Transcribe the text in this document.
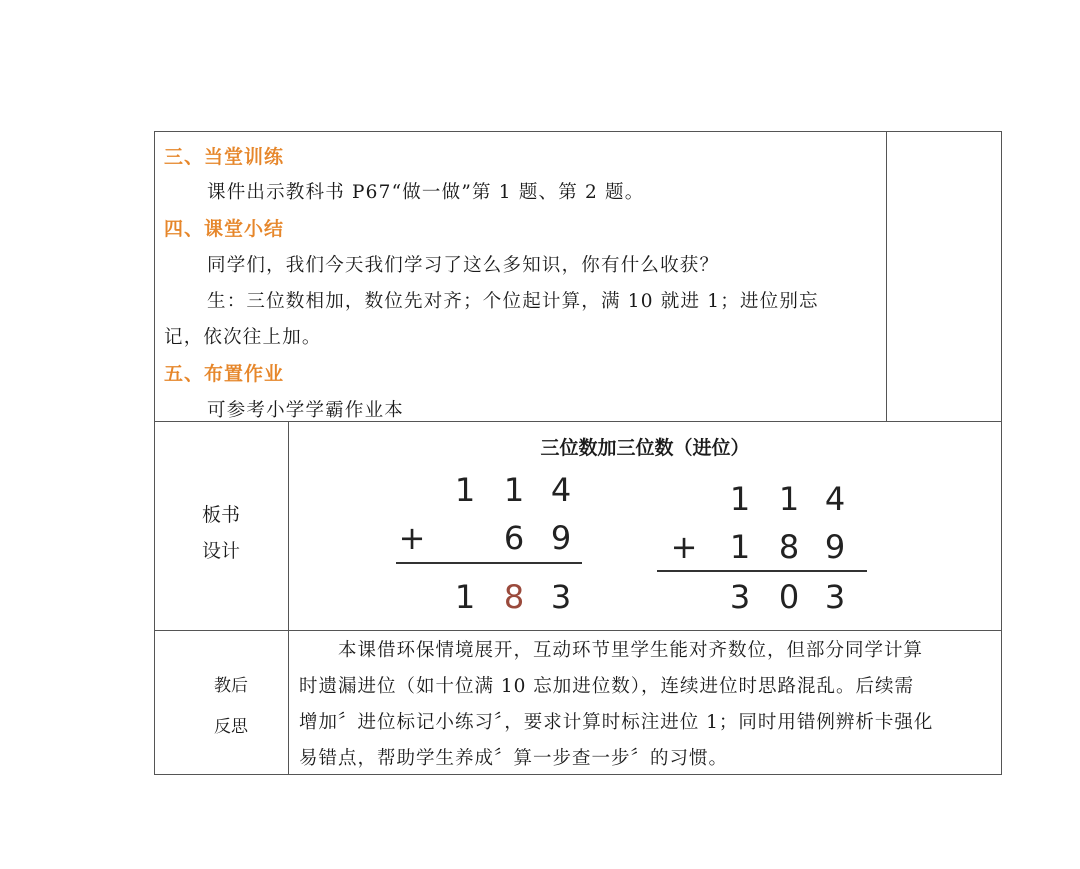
三、当堂训练
课件出示教科书 P67“做一做”第 1 题、第 2 题。
四、课堂小结
同学们，我们今天我们学习了这么多知识，你有什么收获？
生：三位数相加，数位先对齐；个位起计算，满 10 就进 1；进位别忘
记，依次往上加。
五、布置作业
可参考小学学霸作业本
板书
设计
三位数加三位数（进位）
1 1 4
+ 6 9
1 8 3
1 1 4
+ 1 8 9
3 0 3
教后
反思
　　本课借环保情境展开，互动环节里学生能对齐数位，但部分同学计算
时遗漏进位（如十位满 10 忘加进位数），连续进位时思路混乱。后续需
增加〞进位标记小练习〞，要求计算时标注进位 1；同时用错例辨析卡强化
易错点，帮助学生养成〞算一步查一步〞的习惯。
